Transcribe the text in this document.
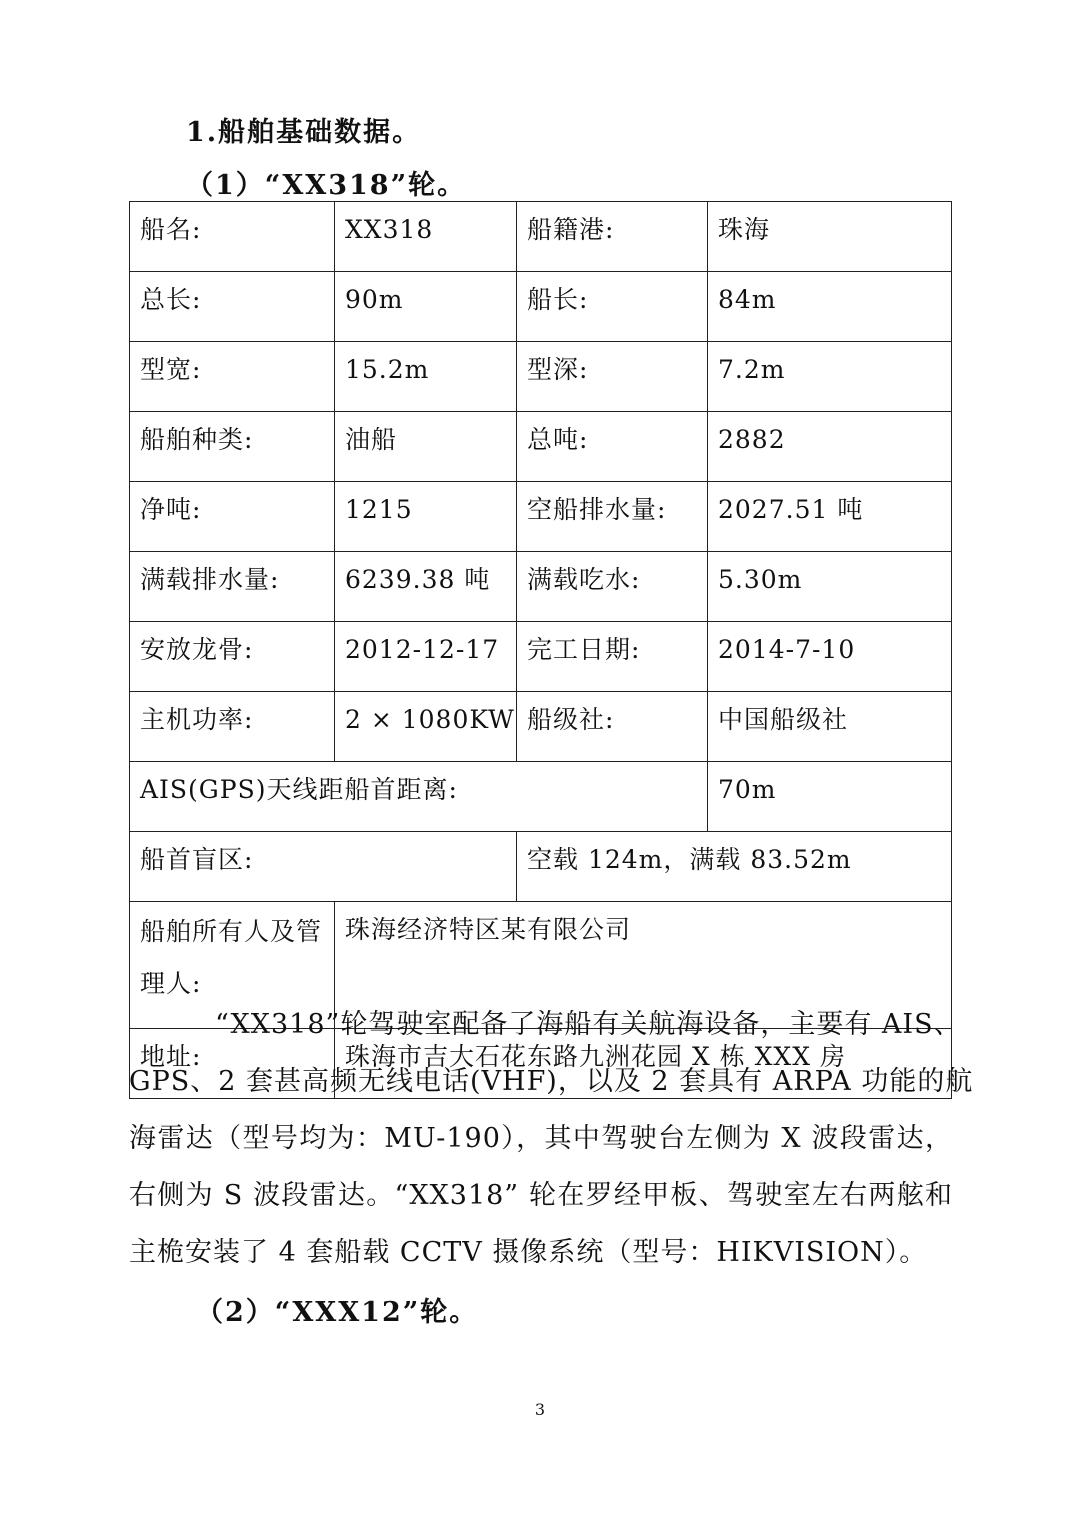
1.船舶基础数据。
（1）“XX318”轮。
船名:	XX318	船籍港:	珠海
总长:	90m	船长:	84m
型宽:	15.2m	型深:	7.2m
船舶种类:	油船	总吨:	2882
净吨:	1215	空船排水量:	2027.51 吨
满载排水量:	6239.38 吨	满载吃水:	5.30m
安放龙骨:	2012-12-17	完工日期:	2014-7-10
主机功率:	2 × 1080KW	船级社:	中国船级社
AIS(GPS)天线距船首距离:			70m
船首盲区:		空载 124m，满载 83.52m	
船舶所有人及管理人:	珠海经济特区某有限公司		
地址:	珠海市吉大石花东路九洲花园 X 栋 XXX 房		
“XX318”轮驾驶室配备了海船有关航海设备，主要有 AIS、
GPS、2 套甚高频无线电话(VHF)，以及 2 套具有 ARPA 功能的航
海雷达（型号均为：MU-190），其中驾驶台左侧为 X 波段雷达，
右侧为 S 波段雷达。“XX318” 轮在罗经甲板、驾驶室左右两舷和
主桅安装了 4 套船载 CCTV 摄像系统（型号：HIKVISION）。
（2）“XXX12”轮。
3
